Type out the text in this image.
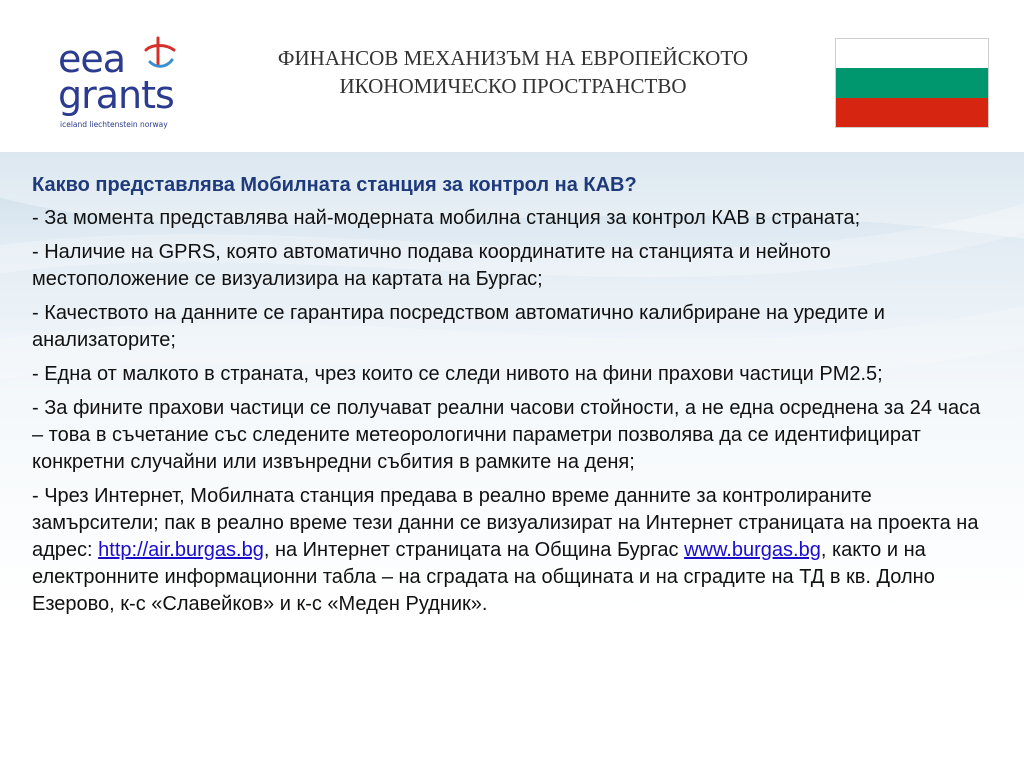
eea
grants
iceland liechtenstein norway
ФИНАНСОВ МЕХАНИЗЪМ НА ЕВРОПЕЙСКОТО ИКОНОМИЧЕСКО ПРОСТРАНСТВО
Какво представлява Мобилната станция за контрол на КАВ?
- За момента представлява най-модерната мобилна станция за контрол КАВ в страната;
- Наличие на GPRS, която автоматично подава координатите на станцията и нейното местоположение се визуализира на картата на Бургас;
- Качеството на данните се гарантира посредством автоматично калибриране на уредите и анализаторите;
- Една от малкото в страната, чрез които се следи нивото на фини прахови частици PM2.5;
- За фините прахови частици се получават реални часови стойности, а не една осреднена за 24 часа – това в съчетание със следените метеорологични параметри позволява да се идентифицират конкретни случайни или извънредни събития в рамките на деня;
- Чрез Интернет, Мобилната станция предава в реално време данните за контролираните замърсители; пак в реално време тези данни се визуализират на Интернет страницата на проекта на адрес: http://air.burgas.bg, на Интернет страницата на Община Бургас www.burgas.bg, както и на електронните информационни табла – на сградата на общината и на сградите на ТД в кв. Долно Езерово, к-с «Славейков» и к-с «Меден Рудник».
